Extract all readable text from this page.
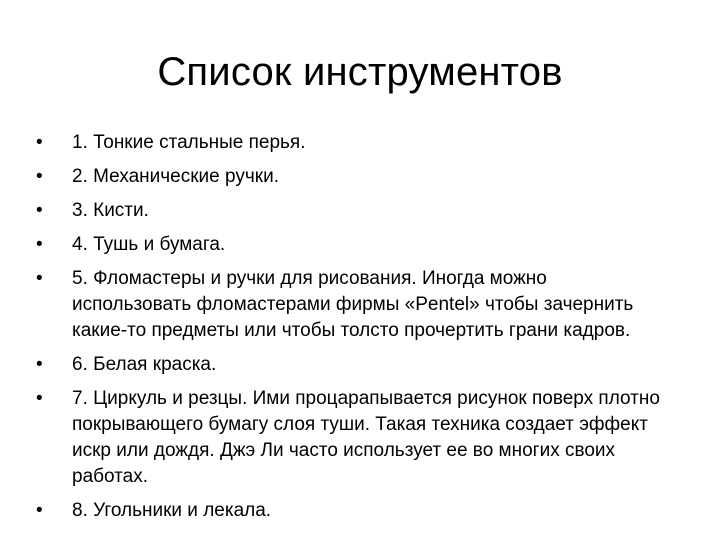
Список инструментов
•	1. Тонкие стальные перья.
•	2. Механические ручки.
•	3. Кисти.
•	4. Тушь и бумага.
•	5. Фломастеры и ручки для рисования. Иногда можно использовать фломастерами фирмы «Pentel» чтобы зачернить какие-то предметы или чтобы толсто прочертить грани кадров.
•	6. Белая краска.
•	7. Циркуль и резцы. Ими процарапывается рисунок поверх плотно покрывающего бумагу слоя туши. Такая техника создает эффект искр или дождя. Джэ Ли часто использует ее во многих своих работах.
•	8. Угольники и лекала.
